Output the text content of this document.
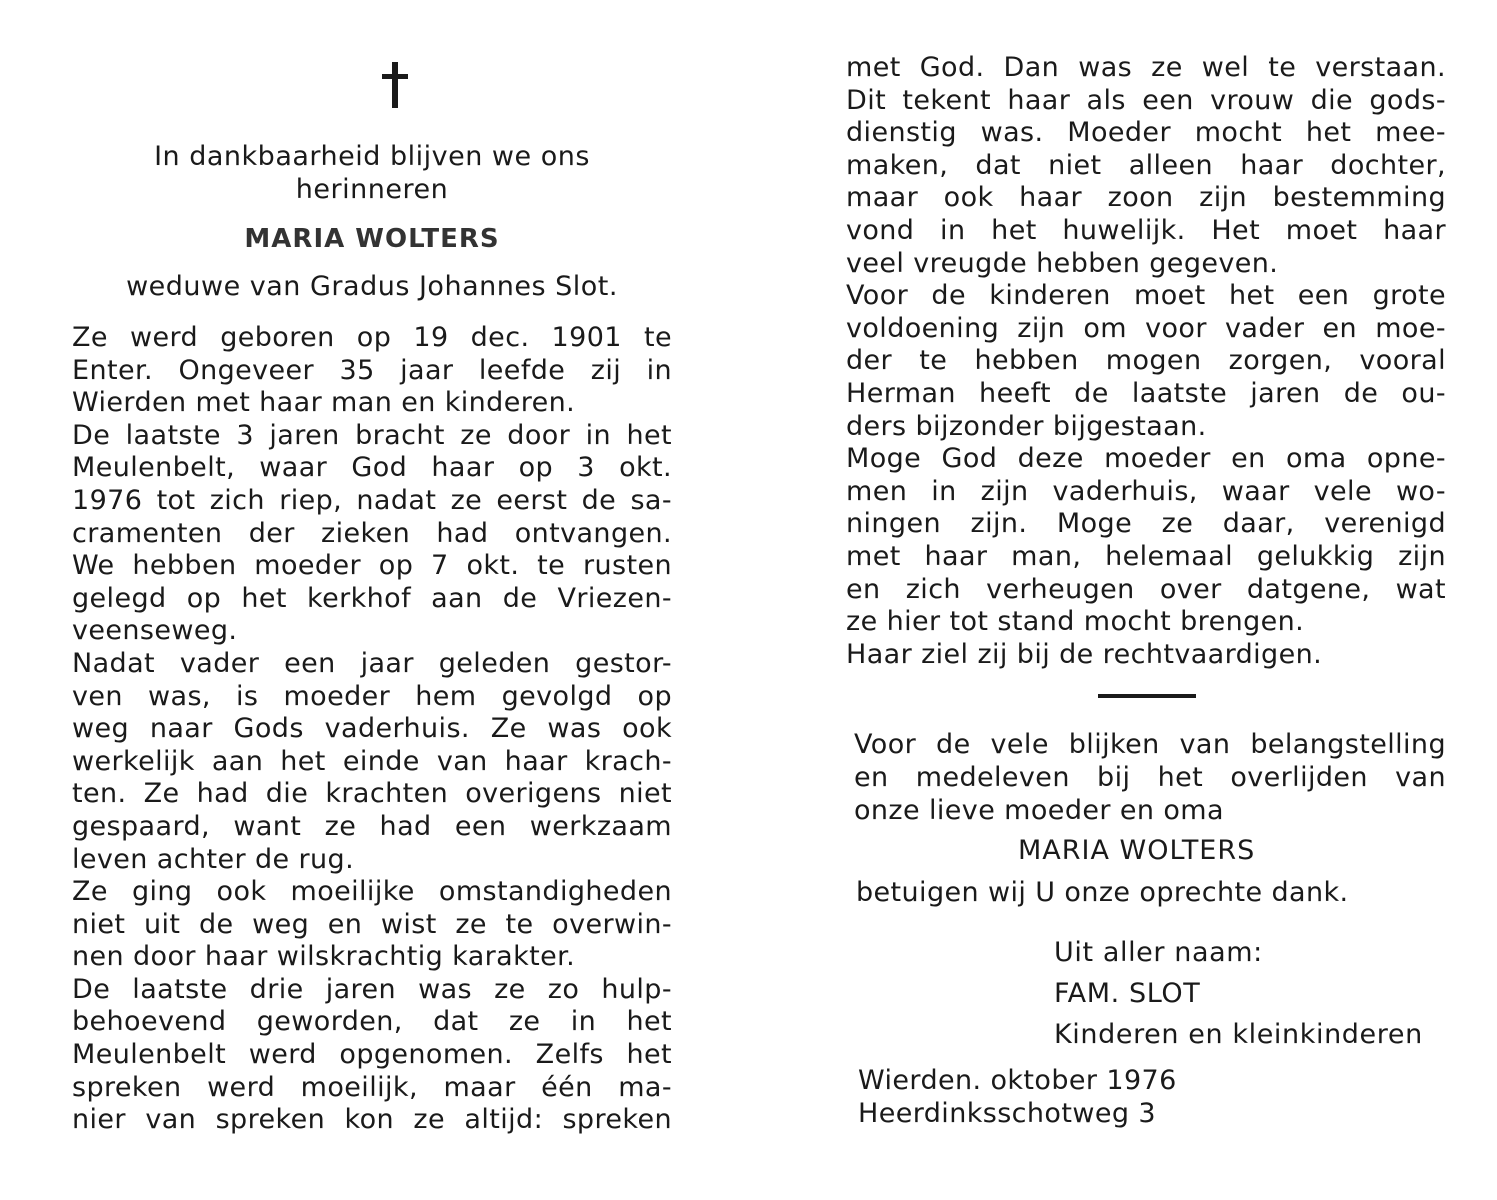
In dankbaarheid blijven we ons
herinneren
MARIA WOLTERS
weduwe van Gradus Johannes Slot.
Ze werd geboren op 19 dec. 1901 te
Enter. Ongeveer 35 jaar leefde zij in
Wierden met haar man en kinderen.
De laatste 3 jaren bracht ze door in het
Meulenbelt, waar God haar op 3 okt.
1976 tot zich riep, nadat ze eerst de sa-
cramenten der zieken had ontvangen.
We hebben moeder op 7 okt. te rusten
gelegd op het kerkhof aan de Vriezen-
veenseweg.
Nadat vader een jaar geleden gestor-
ven was, is moeder hem gevolgd op
weg naar Gods vaderhuis. Ze was ook
werkelijk aan het einde van haar krach-
ten. Ze had die krachten overigens niet
gespaard, want ze had een werkzaam
leven achter de rug.
Ze ging ook moeilijke omstandigheden
niet uit de weg en wist ze te overwin-
nen door haar wilskrachtig karakter.
De laatste drie jaren was ze zo hulp-
behoevend geworden, dat ze in het
Meulenbelt werd opgenomen. Zelfs het
spreken werd moeilijk, maar één ma-
nier van spreken kon ze altijd: spreken
met God. Dan was ze wel te verstaan.
Dit tekent haar als een vrouw die gods-
dienstig was. Moeder mocht het mee-
maken, dat niet alleen haar dochter,
maar ook haar zoon zijn bestemming
vond in het huwelijk. Het moet haar
veel vreugde hebben gegeven.
Voor de kinderen moet het een grote
voldoening zijn om voor vader en moe-
der te hebben mogen zorgen, vooral
Herman heeft de laatste jaren de ou-
ders bijzonder bijgestaan.
Moge God deze moeder en oma opne-
men in zijn vaderhuis, waar vele wo-
ningen zijn. Moge ze daar, verenigd
met haar man, helemaal gelukkig zijn
en zich verheugen over datgene, wat
ze hier tot stand mocht brengen.
Haar ziel zij bij de rechtvaardigen.
Voor de vele blijken van belangstelling
en medeleven bij het overlijden van
onze lieve moeder en oma
MARIA WOLTERS
betuigen wij U onze oprechte dank.
Uit aller naam:
FAM. SLOT
Kinderen en kleinkinderen
Wierden. oktober 1976
Heerdinksschotweg 3
